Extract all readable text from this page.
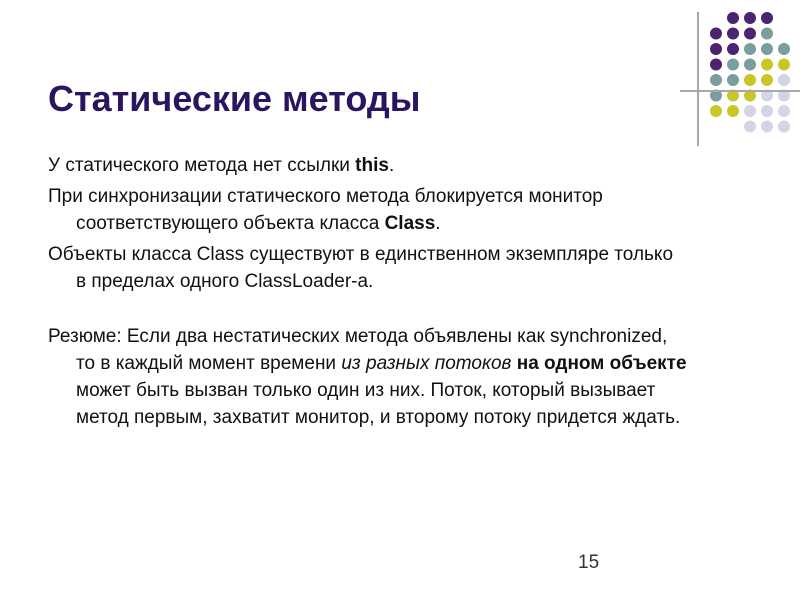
Статические методы

У статического метода нет ссылки this.

При синхронизации статического метода блокируется монитор соответствующего объекта класса Class.

Объекты класса Class существуют в единственном экземпляре только в пределах одного ClassLoader-а.

Резюме: Если два нестатических метода объявлены как synchronized, то в каждый момент времени из разных потоков на одном объекте может быть вызван только один из них. Поток, который вызывает метод первым, захватит монитор, и второму потоку придется ждать.

15
